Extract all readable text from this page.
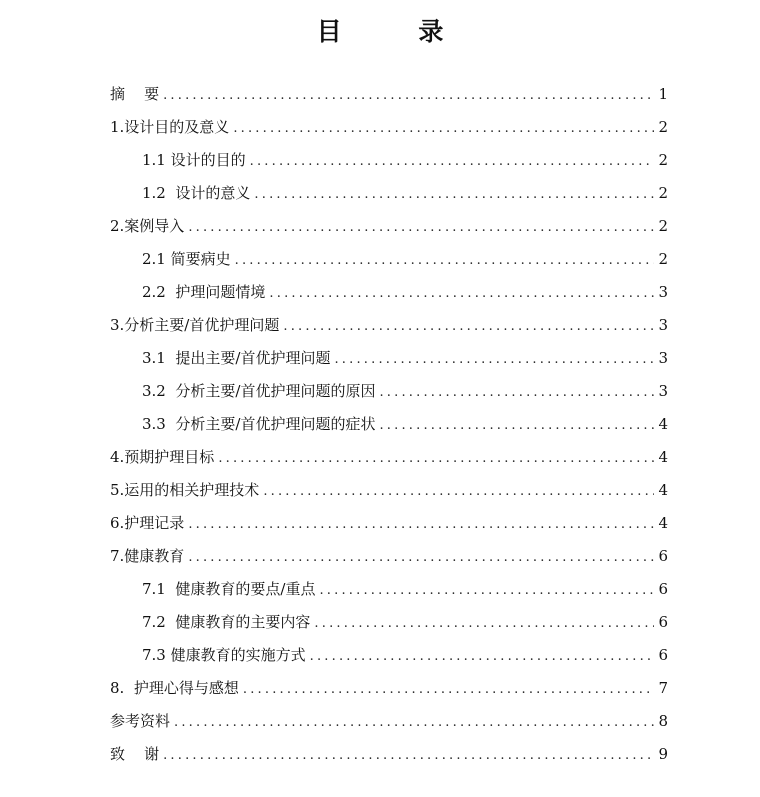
目 录
摘    要 .....	1
1.设计目的及意义 .....	2
1.1 设计的目的 .....	2
1.2  设计的意义 .....	2
2.案例导入 .....	2
2.1 简要病史 .....	2
2.2  护理问题情境 .....	3
3.分析主要/首优护理问题 .....	3
3.1  提出主要/首优护理问题 .....	3
3.2  分析主要/首优护理问题的原因 .....	3
3.3  分析主要/首优护理问题的症状 .....	4
4.预期护理目标 .....	4
5.运用的相关护理技术 .....	4
6.护理记录 .....	4
7.健康教育 .....	6
7.1  健康教育的要点/重点 .....	6
7.2  健康教育的主要内容 .....	6
7.3 健康教育的实施方式 .....	6
8.  护理心得与感想 .....	7
参考资料 .....	8
致    谢 .....	9
